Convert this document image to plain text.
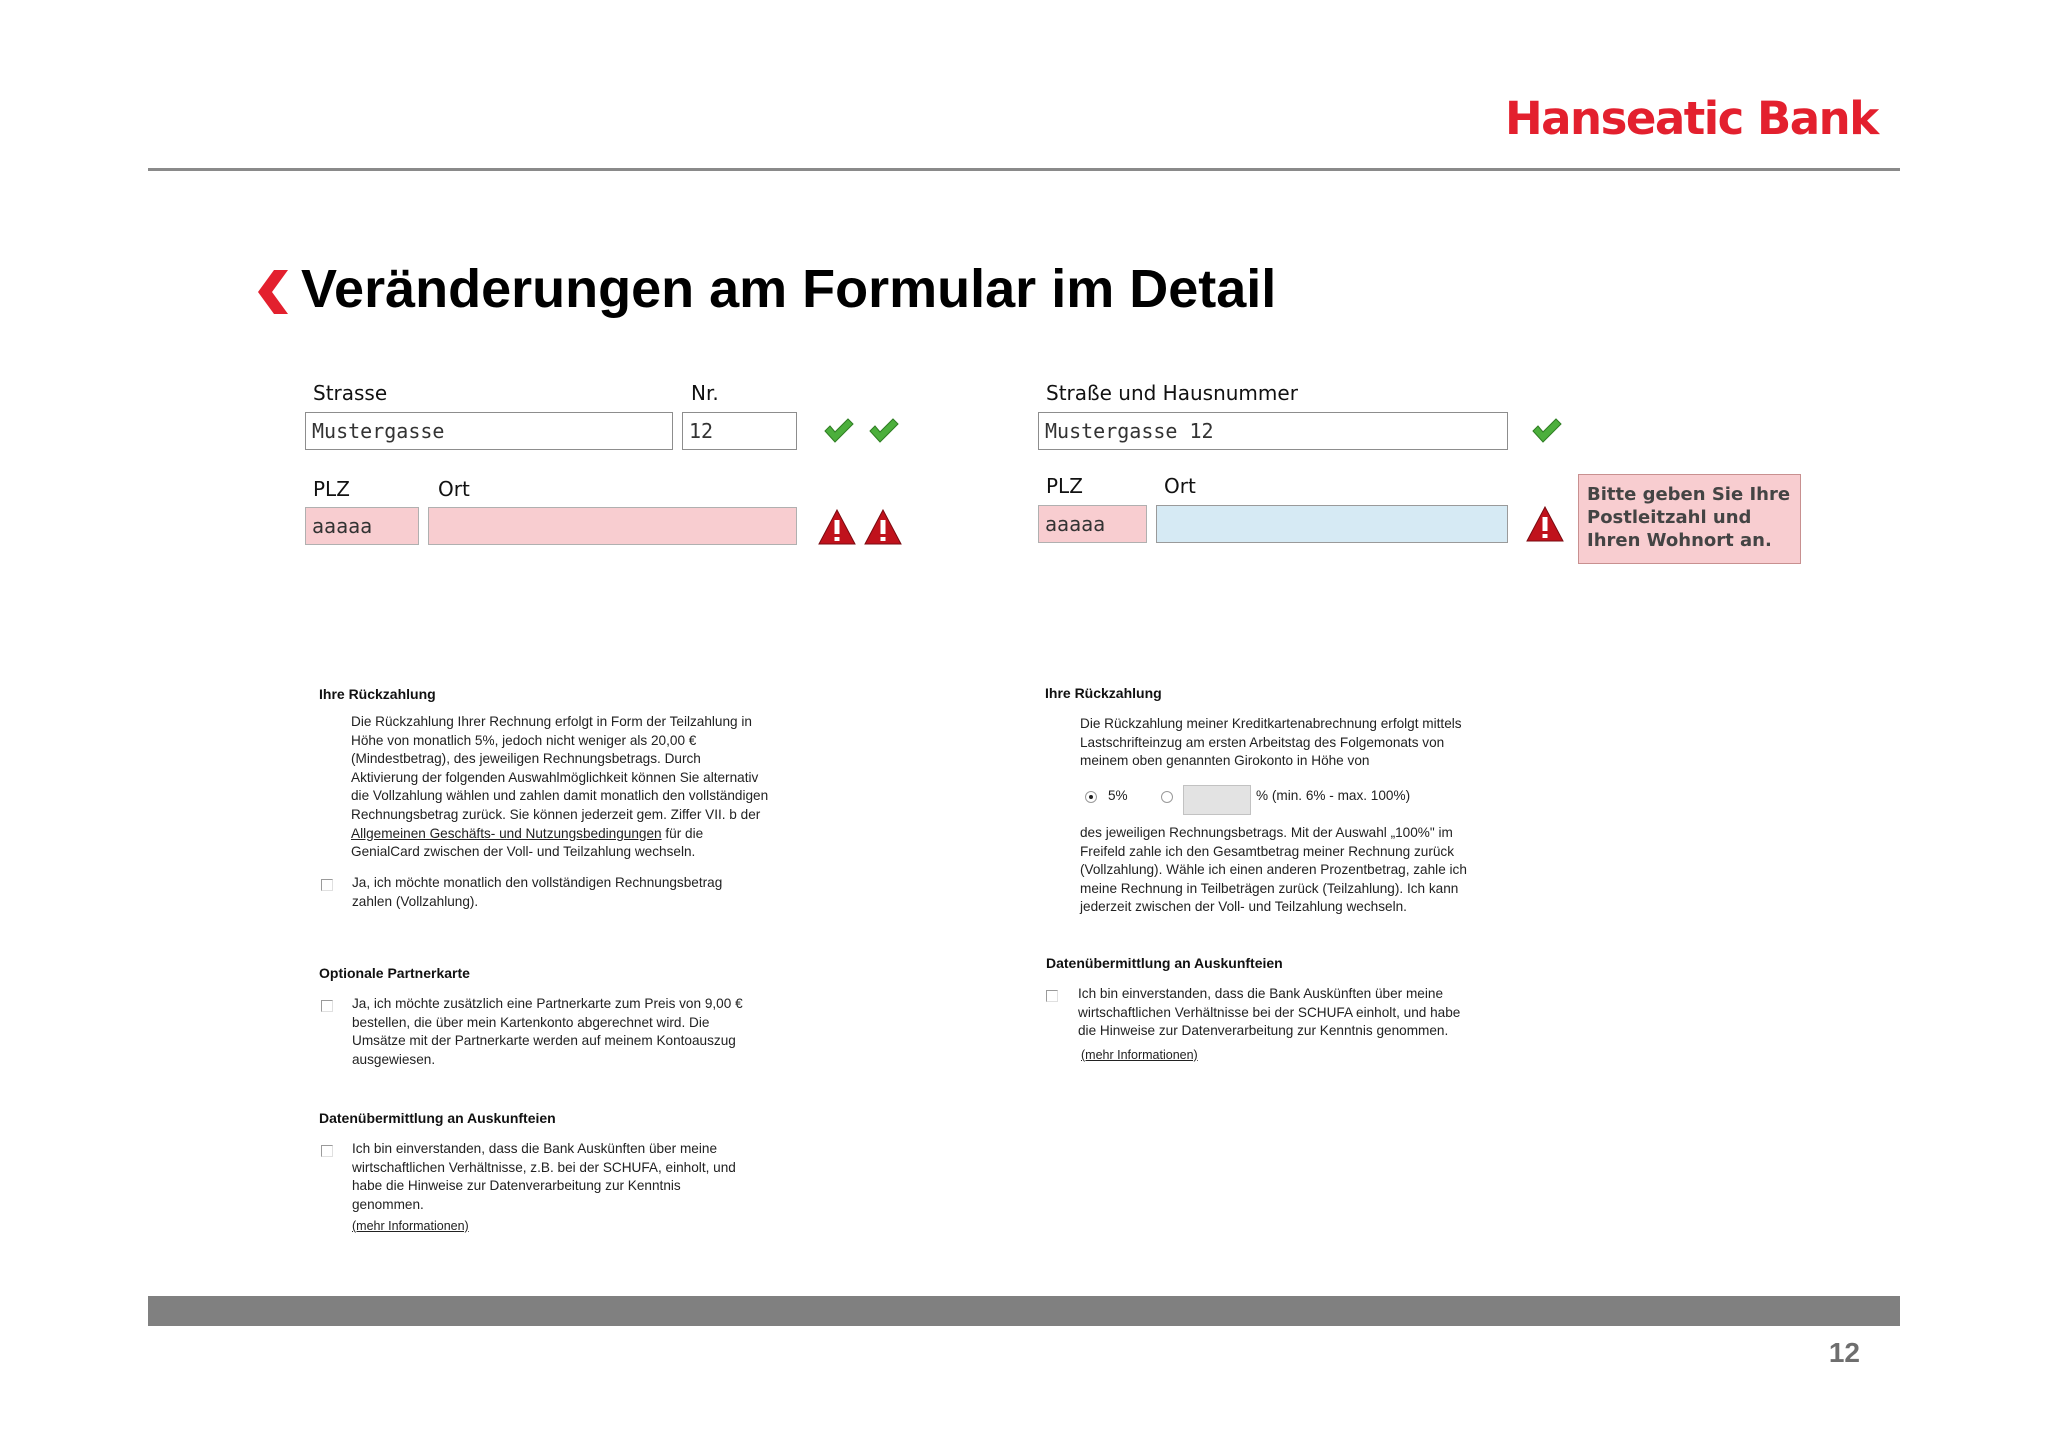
Hanseatic Bank
Veränderungen am Formular im Detail
Strasse	Nr.
Mustergasse	12
PLZ	Ort
aaaaa
Straße und Hausnummer
Mustergasse 12
PLZ	Ort
aaaaa
Bitte geben Sie Ihre Postleitzahl und Ihren Wohnort an.
Ihre Rückzahlung
Die Rückzahlung Ihrer Rechnung erfolgt in Form der Teilzahlung in
Höhe von monatlich 5%, jedoch nicht weniger als 20,00 €
(Mindestbetrag), des jeweiligen Rechnungsbetrags. Durch
Aktivierung der folgenden Auswahlmöglichkeit können Sie alternativ
die Vollzahlung wählen und zahlen damit monatlich den vollständigen
Rechnungsbetrag zurück. Sie können jederzeit gem. Ziffer VII. b der
Allgemeinen Geschäfts- und Nutzungsbedingungen für die
GenialCard zwischen der Voll- und Teilzahlung wechseln.
Ja, ich möchte monatlich den vollständigen Rechnungsbetrag
zahlen (Vollzahlung).
Optionale Partnerkarte
Ja, ich möchte zusätzlich eine Partnerkarte zum Preis von 9,00 €
bestellen, die über mein Kartenkonto abgerechnet wird. Die
Umsätze mit der Partnerkarte werden auf meinem Kontoauszug
ausgewiesen.
Datenübermittlung an Auskunfteien
Ich bin einverstanden, dass die Bank Auskünften über meine
wirtschaftlichen Verhältnisse, z.B. bei der SCHUFA, einholt, und
habe die Hinweise zur Datenverarbeitung zur Kenntnis
genommen.
(mehr Informationen)
Ihre Rückzahlung
Die Rückzahlung meiner Kreditkartenabrechnung erfolgt mittels
Lastschrifteinzug am ersten Arbeitstag des Folgemonats von
meinem oben genannten Girokonto in Höhe von
5%	% (min. 6% - max. 100%)
des jeweiligen Rechnungsbetrags. Mit der Auswahl „100%" im
Freifeld zahle ich den Gesamtbetrag meiner Rechnung zurück
(Vollzahlung). Wähle ich einen anderen Prozentbetrag, zahle ich
meine Rechnung in Teilbeträgen zurück (Teilzahlung). Ich kann
jederzeit zwischen der Voll- und Teilzahlung wechseln.
Datenübermittlung an Auskunfteien
Ich bin einverstanden, dass die Bank Auskünften über meine
wirtschaftlichen Verhältnisse bei der SCHUFA einholt, und habe
die Hinweise zur Datenverarbeitung zur Kenntnis genommen.
(mehr Informationen)
12
